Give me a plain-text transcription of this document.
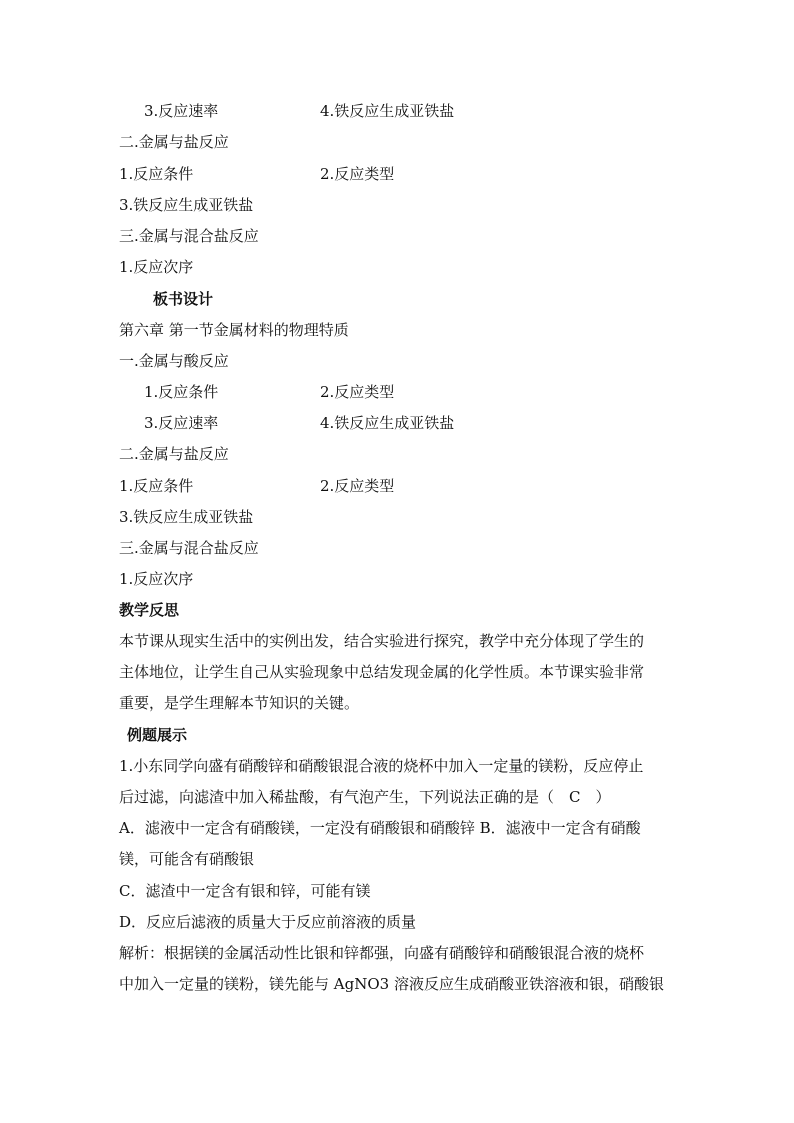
3.反应速率	4.铁反应生成亚铁盐
二.金属与盐反应
1.反应条件	2.反应类型
3.铁反应生成亚铁盐
三.金属与混合盐反应
1.反应次序
板书设计
第六章 第一节金属材料的物理特质
一.金属与酸反应
1.反应条件	2.反应类型
3.反应速率	4.铁反应生成亚铁盐
二.金属与盐反应
1.反应条件	2.反应类型
3.铁反应生成亚铁盐
三.金属与混合盐反应
1.反应次序
教学反思
本节课从现实生活中的实例出发，结合实验进行探究，教学中充分体现了学生的
主体地位，让学生自己从实验现象中总结发现金属的化学性质。本节课实验非常
重要，是学生理解本节知识的关键。
例题展示
1.小东同学向盛有硝酸锌和硝酸银混合液的烧杯中加入一定量的镁粉，反应停止
后过滤，向滤渣中加入稀盐酸，有气泡产生，下列说法正确的是（　C　）
A．滤液中一定含有硝酸镁，一定没有硝酸银和硝酸锌 B．滤液中一定含有硝酸
镁，可能含有硝酸银
C．滤渣中一定含有银和锌，可能有镁
D．反应后滤液的质量大于反应前溶液的质量
解析：根据镁的金属活动性比银和锌都强，向盛有硝酸锌和硝酸银混合液的烧杯
中加入一定量的镁粉，镁先能与 AgNO3 溶液反应生成硝酸亚铁溶液和银，硝酸银
